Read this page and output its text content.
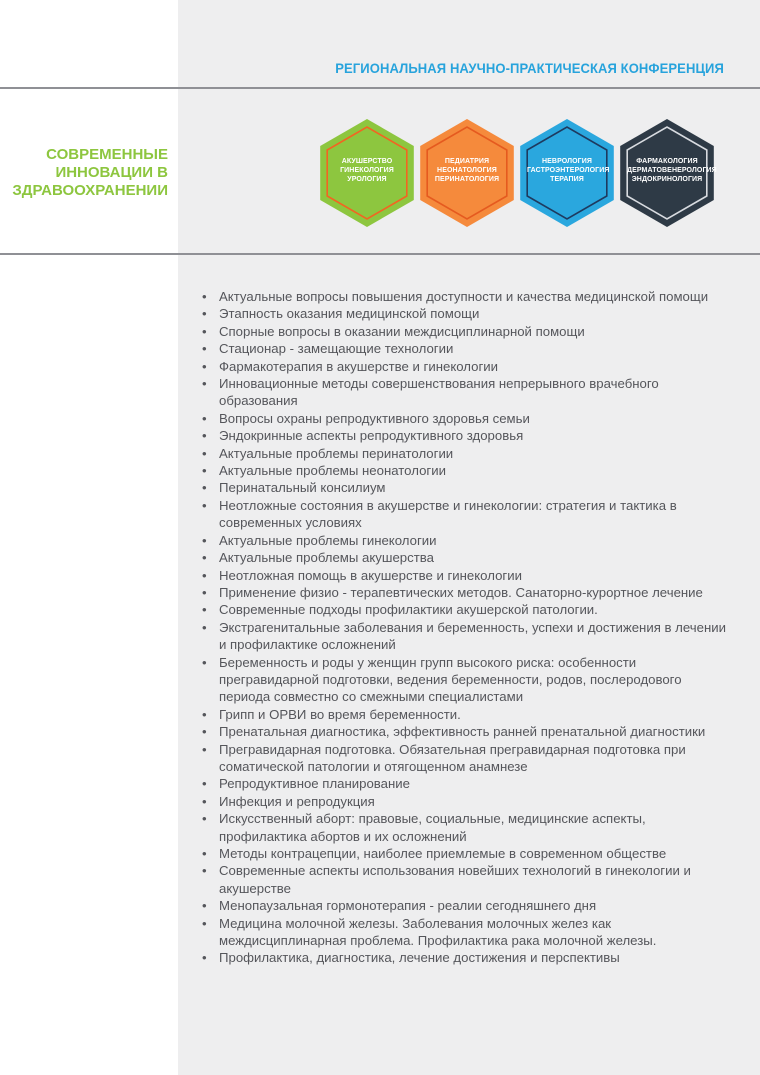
РЕГИОНАЛЬНАЯ НАУЧНО-ПРАКТИЧЕСКАЯ КОНФЕРЕНЦИЯ
СОВРЕМЕННЫЕ
ИННОВАЦИИ В
ЗДРАВООХРАНЕНИИ
АКУШЕРСТВО
ГИНЕКОЛОГИЯ
УРОЛОГИЯ
ПЕДИАТРИЯ
НЕОНАТОЛОГИЯ
ПЕРИНАТОЛОГИЯ
НЕВРОЛОГИЯ
ГАСТРОЭНТЕРОЛОГИЯ
ТЕРАПИЯ
ФАРМАКОЛОГИЯ
ДЕРМАТОВЕНЕРОЛОГИЯ
ЭНДОКРИНОЛОГИЯ
• Актуальные вопросы повышения доступности и качества медицинской помощи
• Этапность оказания медицинской помощи
• Спорные вопросы в оказании междисциплинарной помощи
• Стационар - замещающие технологии
• Фармакотерапия в акушерстве и гинекологии
• Инновационные методы совершенствования непрерывного врачебного образования
• Вопросы охраны репродуктивного здоровья семьи
• Эндокринные аспекты репродуктивного здоровья
• Актуальные проблемы перинатологии
• Актуальные проблемы неонатологии
• Перинатальный консилиум
• Неотложные состояния в акушерстве и гинекологии: стратегия и тактика в современных условиях
• Актуальные проблемы гинекологии
• Актуальные проблемы акушерства
• Неотложная помощь в акушерстве и гинекологии
• Применение физио - терапевтических методов. Санаторно-курортное лечение
• Современные подходы профилактики акушерской патологии.
• Экстрагенитальные заболевания и беременность, успехи и достижения в лечении и профилактике осложнений
• Беременность и роды у женщин групп высокого риска: особенности прегравидарной подготовки, ведения беременности, родов, послеродового периода совместно со смежными специалистами
• Грипп и ОРВИ во время беременности.
• Пренатальная диагностика, эффективность ранней пренатальной диагностики
• Прегравидарная подготовка. Обязательная прегравидарная подготовка при соматической патологии и отягощенном анамнезе
• Репродуктивное планирование
• Инфекция и репродукция
• Искусственный аборт: правовые, социальные, медицинские аспекты, профилактика абортов и их осложнений
• Методы контрацепции, наиболее приемлемые в современном обществе
• Современные аспекты использования новейших технологий в гинекологии и акушерстве
• Менопаузальная гормонотерапия - реалии сегодняшнего дня
• Медицина молочной железы. Заболевания молочных желез как междисциплинарная проблема. Профилактика рака молочной железы.
• Профилактика, диагностика, лечение достижения и перспективы
